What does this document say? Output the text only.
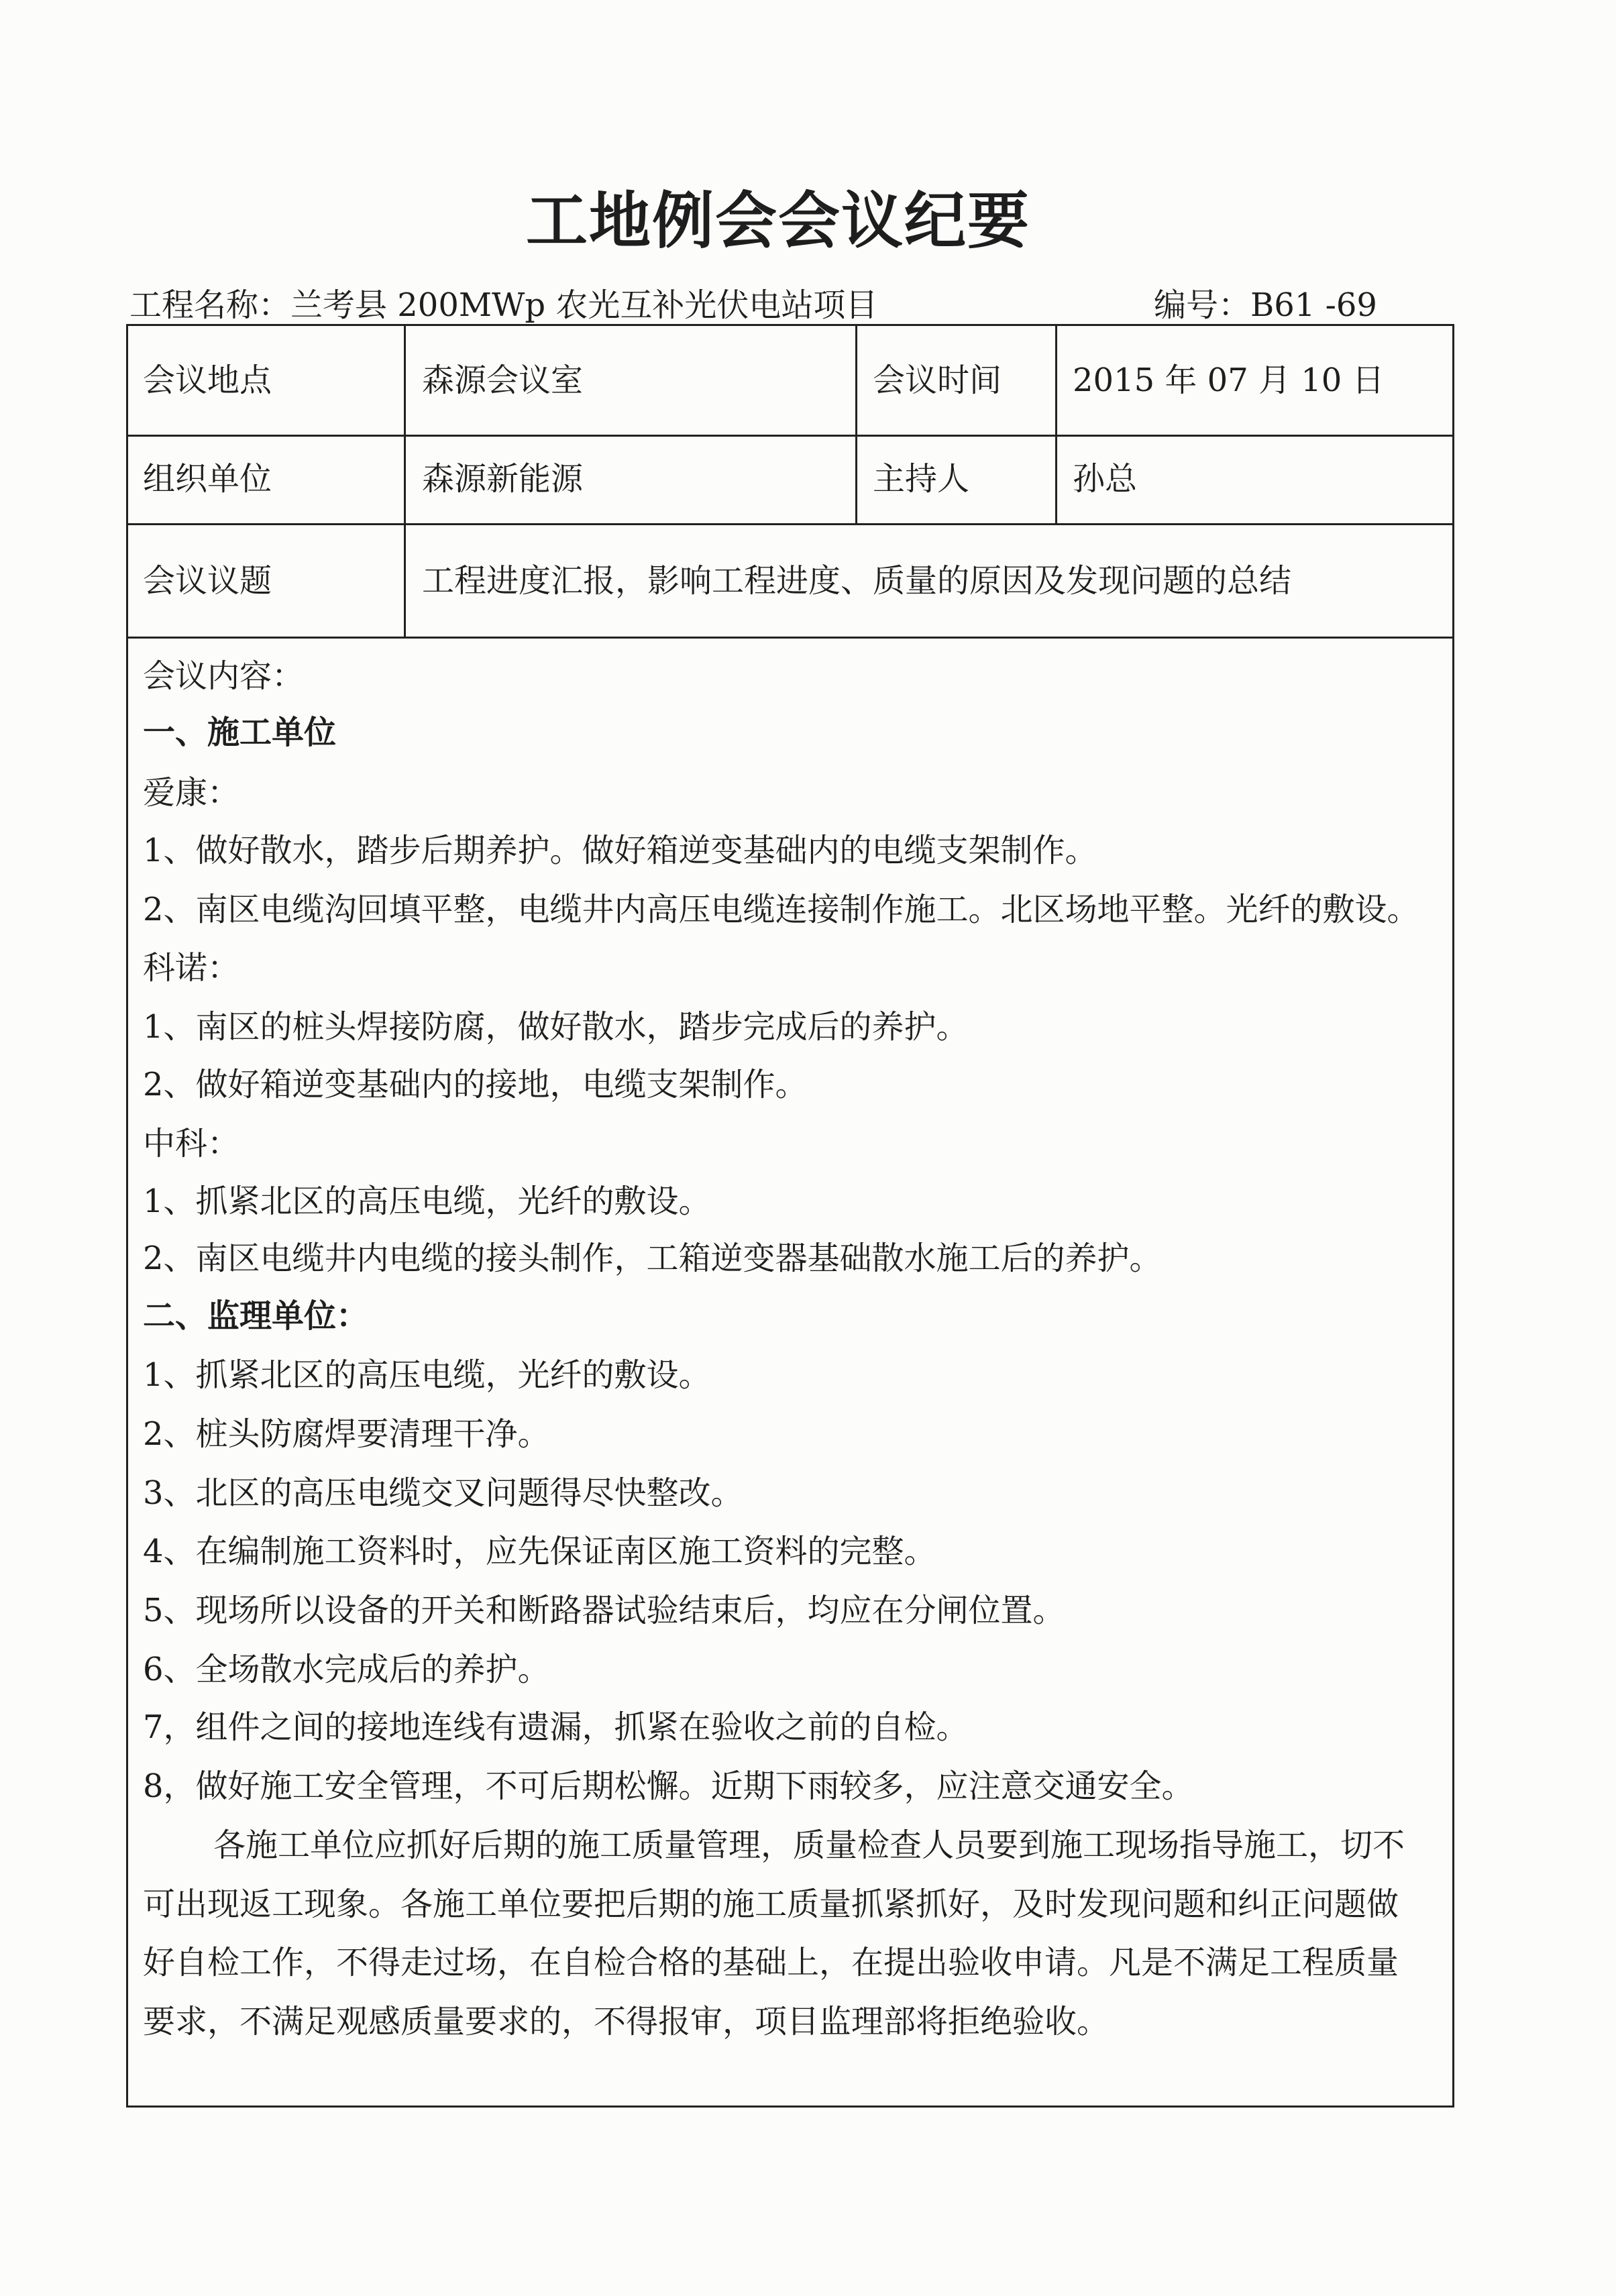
工地例会会议纪要
工程名称：兰考县 200MWp 农光互补光伏电站项目	编号：B61 -69
会议地点	森源会议室	会议时间 2015 年 07 月 10 日
组织单位	森源新能源	主持人	孙总
会议议题	工程进度汇报，影响工程进度、质量的原因及发现问题的总结
会议内容：
一、施工单位
爱康：
1、做好散水，踏步后期养护。做好箱逆变基础内的电缆支架制作。
2、南区电缆沟回填平整，电缆井内高压电缆连接制作施工。北区场地平整。光纤的敷设。
科诺：
1、南区的桩头焊接防腐，做好散水，踏步完成后的养护。
2、做好箱逆变基础内的接地，电缆支架制作。
中科：
1、抓紧北区的高压电缆，光纤的敷设。
2、南区电缆井内电缆的接头制作，工箱逆变器基础散水施工后的养护。
二、监理单位：
1、抓紧北区的高压电缆，光纤的敷设。
2、桩头防腐焊要清理干净。
3、北区的高压电缆交叉问题得尽快整改。
4、在编制施工资料时，应先保证南区施工资料的完整。
5、现场所以设备的开关和断路器试验结束后，均应在分闸位置。
6、全场散水完成后的养护。
7，组件之间的接地连线有遗漏，抓紧在验收之前的自检。
8，做好施工安全管理，不可后期松懈。近期下雨较多，应注意交通安全。
各施工单位应抓好后期的施工质量管理，质量检查人员要到施工现场指导施工，切不
可出现返工现象。各施工单位要把后期的施工质量抓紧抓好，及时发现问题和纠正问题做
好自检工作，不得走过场，在自检合格的基础上，在提出验收申请。凡是不满足工程质量
要求，不满足观感质量要求的，不得报审，项目监理部将拒绝验收。
